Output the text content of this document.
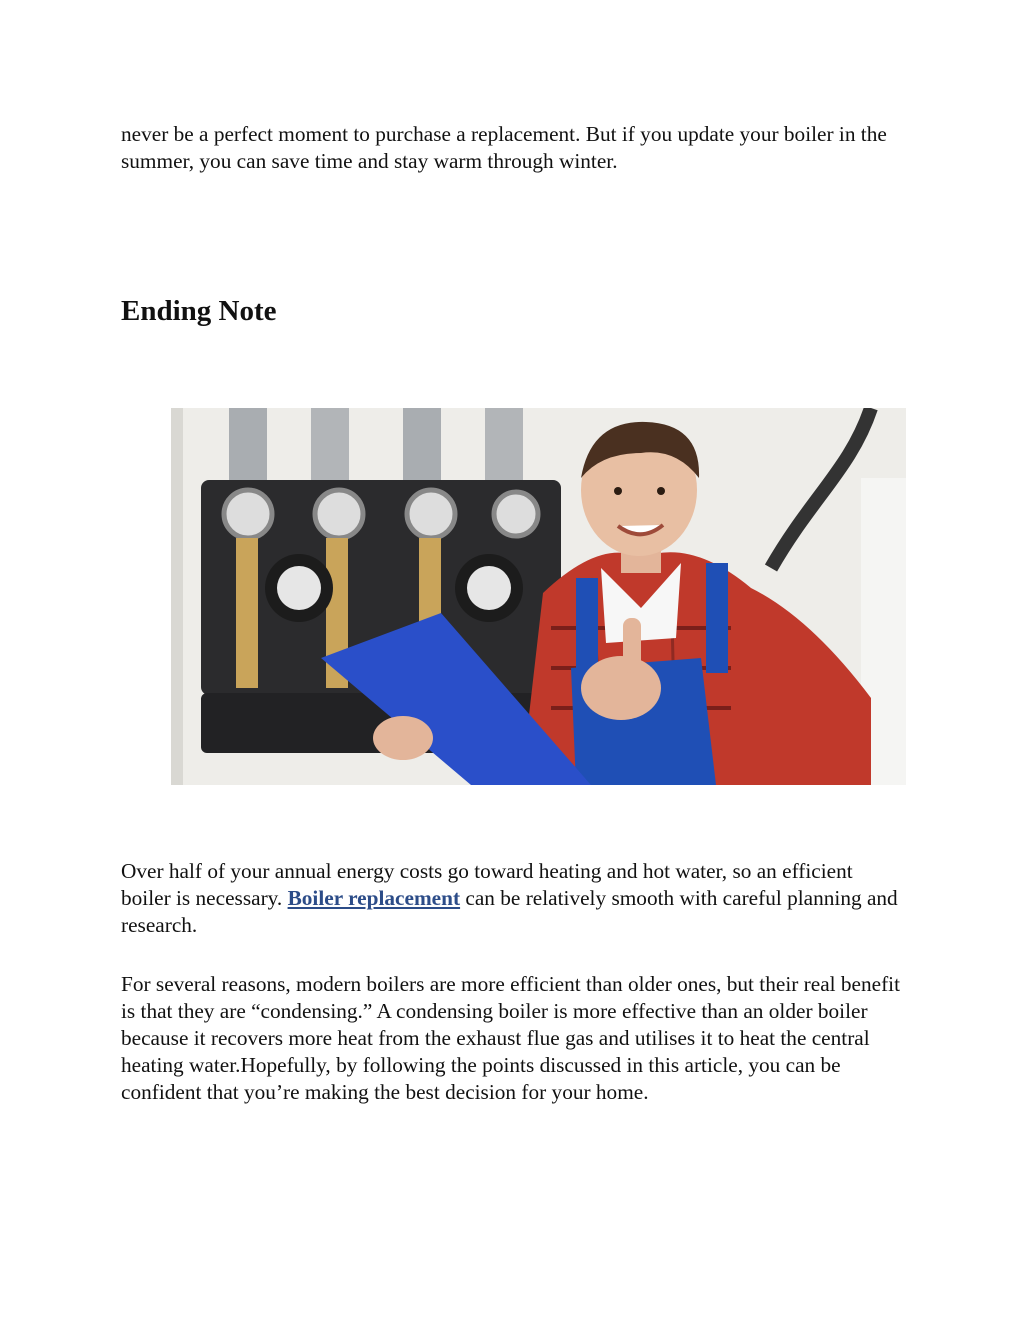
never be a perfect moment to purchase a replacement. But if you update your boiler in the summer, you can save time and stay warm through winter.

Ending Note

Over half of your annual energy costs go toward heating and hot water, so an efficient boiler is necessary. Boiler replacement can be relatively smooth with careful planning and research.

For several reasons, modern boilers are more efficient than older ones, but their real benefit is that they are “condensing.” A condensing boiler is more effective than an older boiler because it recovers more heat from the exhaust flue gas and utilises it to heat the central heating water.Hopefully, by following the points discussed in this article, you can be confident that you’re making the best decision for your home.
